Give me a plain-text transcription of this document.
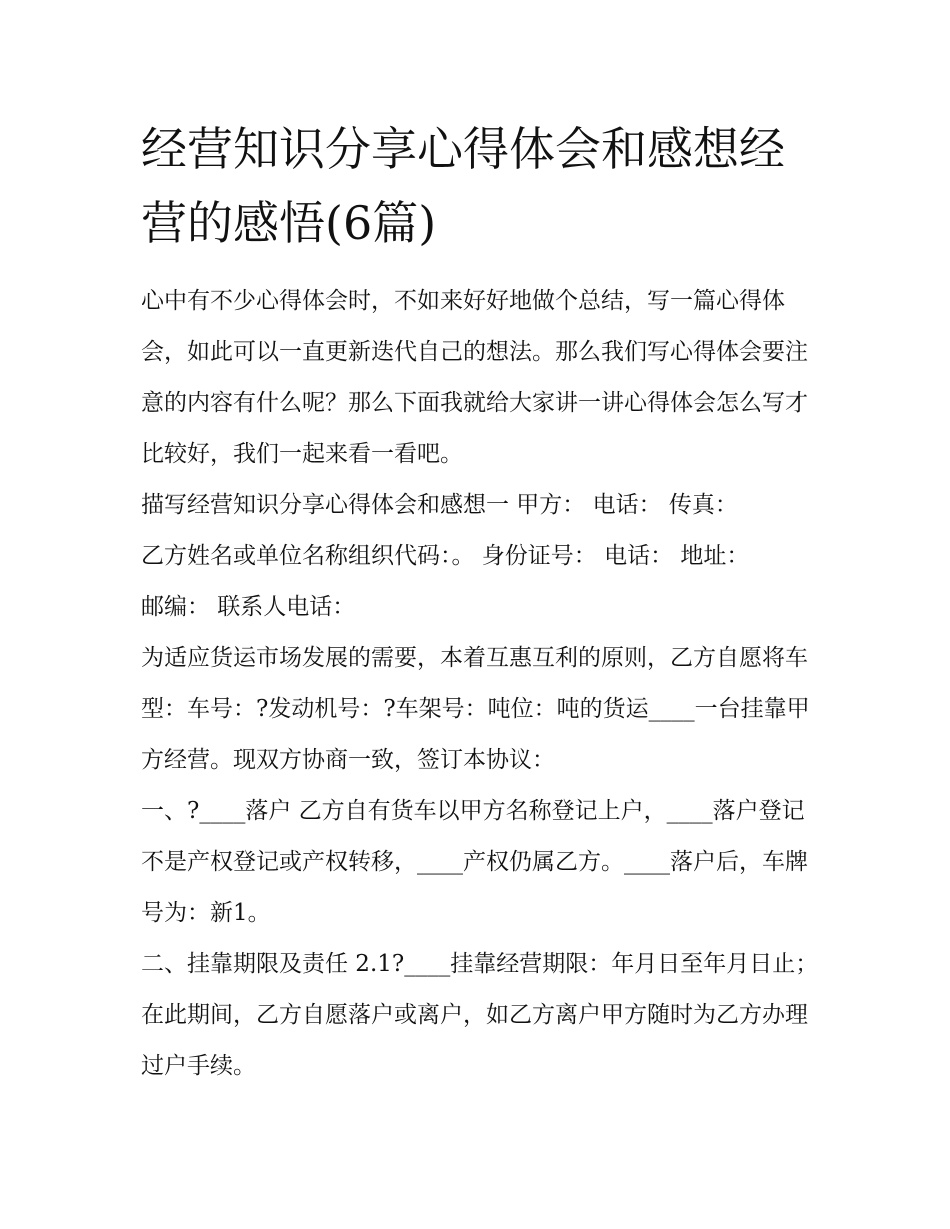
经营知识分享心得体会和感想经营的感悟(6篇)

心中有不少心得体会时，不如来好好地做个总结，写一篇心得体会，如此可以一直更新迭代自己的想法。那么我们写心得体会要注意的内容有什么呢？那么下面我就给大家讲一讲心得体会怎么写才比较好，我们一起来看一看吧。

描写经营知识分享心得体会和感想一 甲方： 电话： 传真：

乙方姓名或单位名称组织代码：。 身份证号： 电话： 地址：

邮编： 联系人电话：

为适应货运市场发展的需要，本着互惠互利的原则，乙方自愿将车型：车号：?发动机号：?车架号：吨位：吨的货运____一台挂靠甲方经营。现双方协商一致，签订本协议：

一、?____落户 乙方自有货车以甲方名称登记上户，____落户登记不是产权登记或产权转移，____产权仍属乙方。____落户后，车牌号为：新1。

二、挂靠期限及责任 2.1?____挂靠经营期限：年月日至年月日止；在此期间，乙方自愿落户或离户，如乙方离户甲方随时为乙方办理过户手续。
